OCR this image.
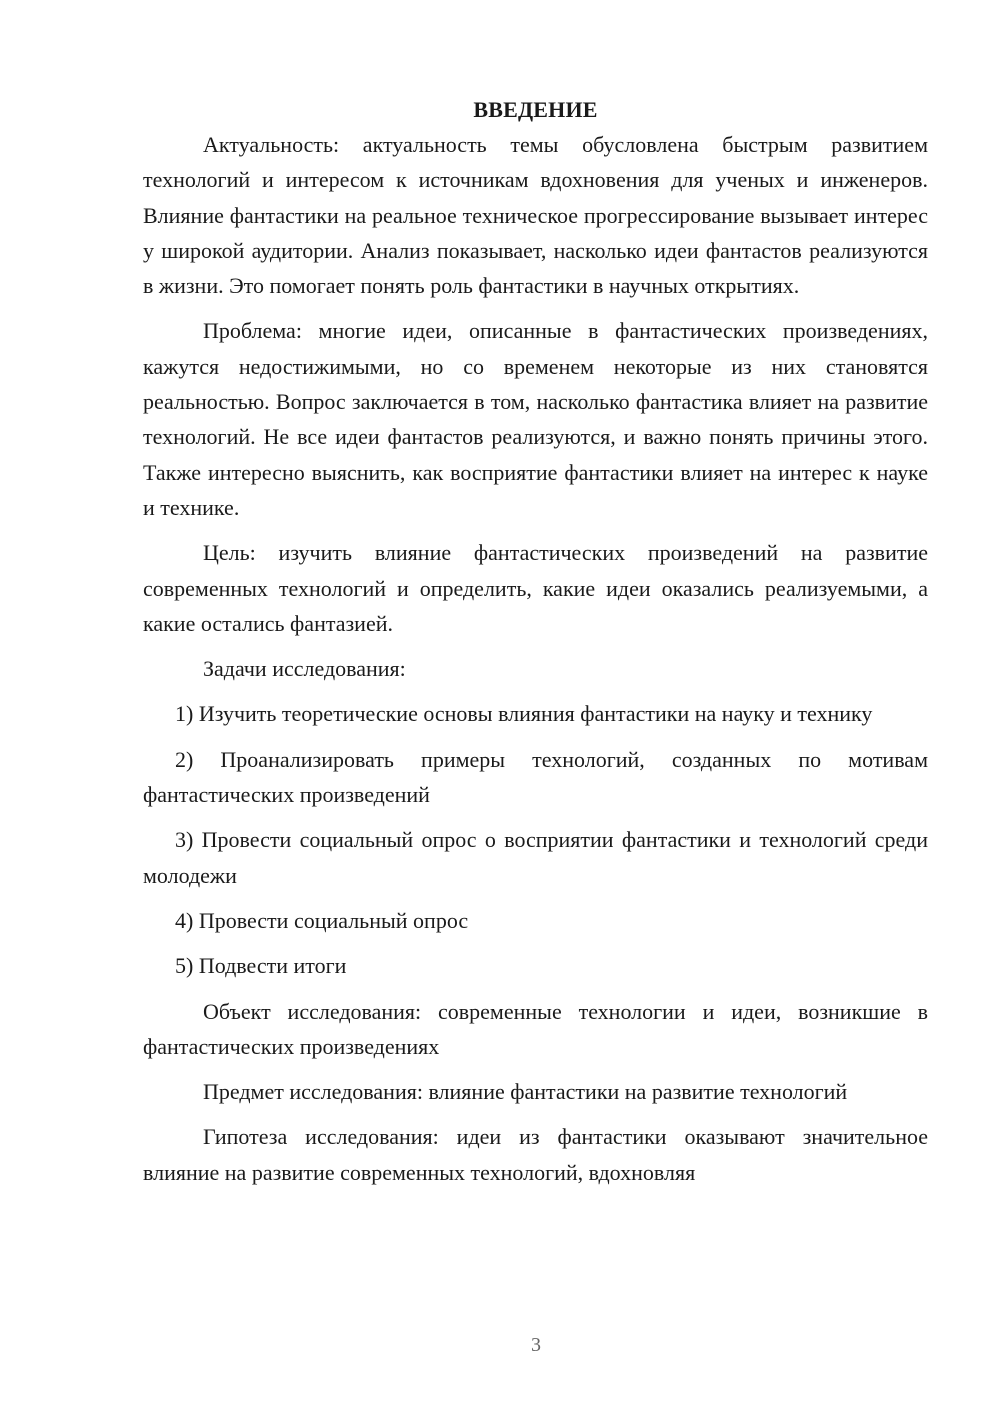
ВВЕДЕНИЕ

Актуальность: актуальность темы обусловлена быстрым развитием технологий и интересом к источникам вдохновения для ученых и инженеров. Влияние фантастики на реальное техническое прогрессирование вызывает интерес у широкой аудитории. Анализ показывает, насколько идеи фантастов реализуются в жизни. Это помогает понять роль фантастики в научных открытиях.

Проблема: многие идеи, описанные в фантастических произведениях, кажутся недостижимыми, но со временем некоторые из них становятся реальностью. Вопрос заключается в том, насколько фантастика влияет на развитие технологий. Не все идеи фантастов реализуются, и важно понять причины этого. Также интересно выяснить, как восприятие фантастики влияет на интерес к науке и технике.

Цель: изучить влияние фантастических произведений на развитие современных технологий и определить, какие идеи оказались реализуемыми, а какие остались фантазией.

Задачи исследования:

1) Изучить теоретические основы влияния фантастики на науку и технику

2) Проанализировать примеры технологий, созданных по мотивам фантастических произведений

3) Провести социальный опрос о восприятии фантастики и технологий среди молодежи

4) Провести социальный опрос

5) Подвести итоги

Объект исследования: современные технологии и идеи, возникшие в фантастических произведениях

Предмет исследования: влияние фантастики на развитие технологий

Гипотеза исследования: идеи из фантастики оказывают значительное влияние на развитие современных технологий, вдохновляя

3
